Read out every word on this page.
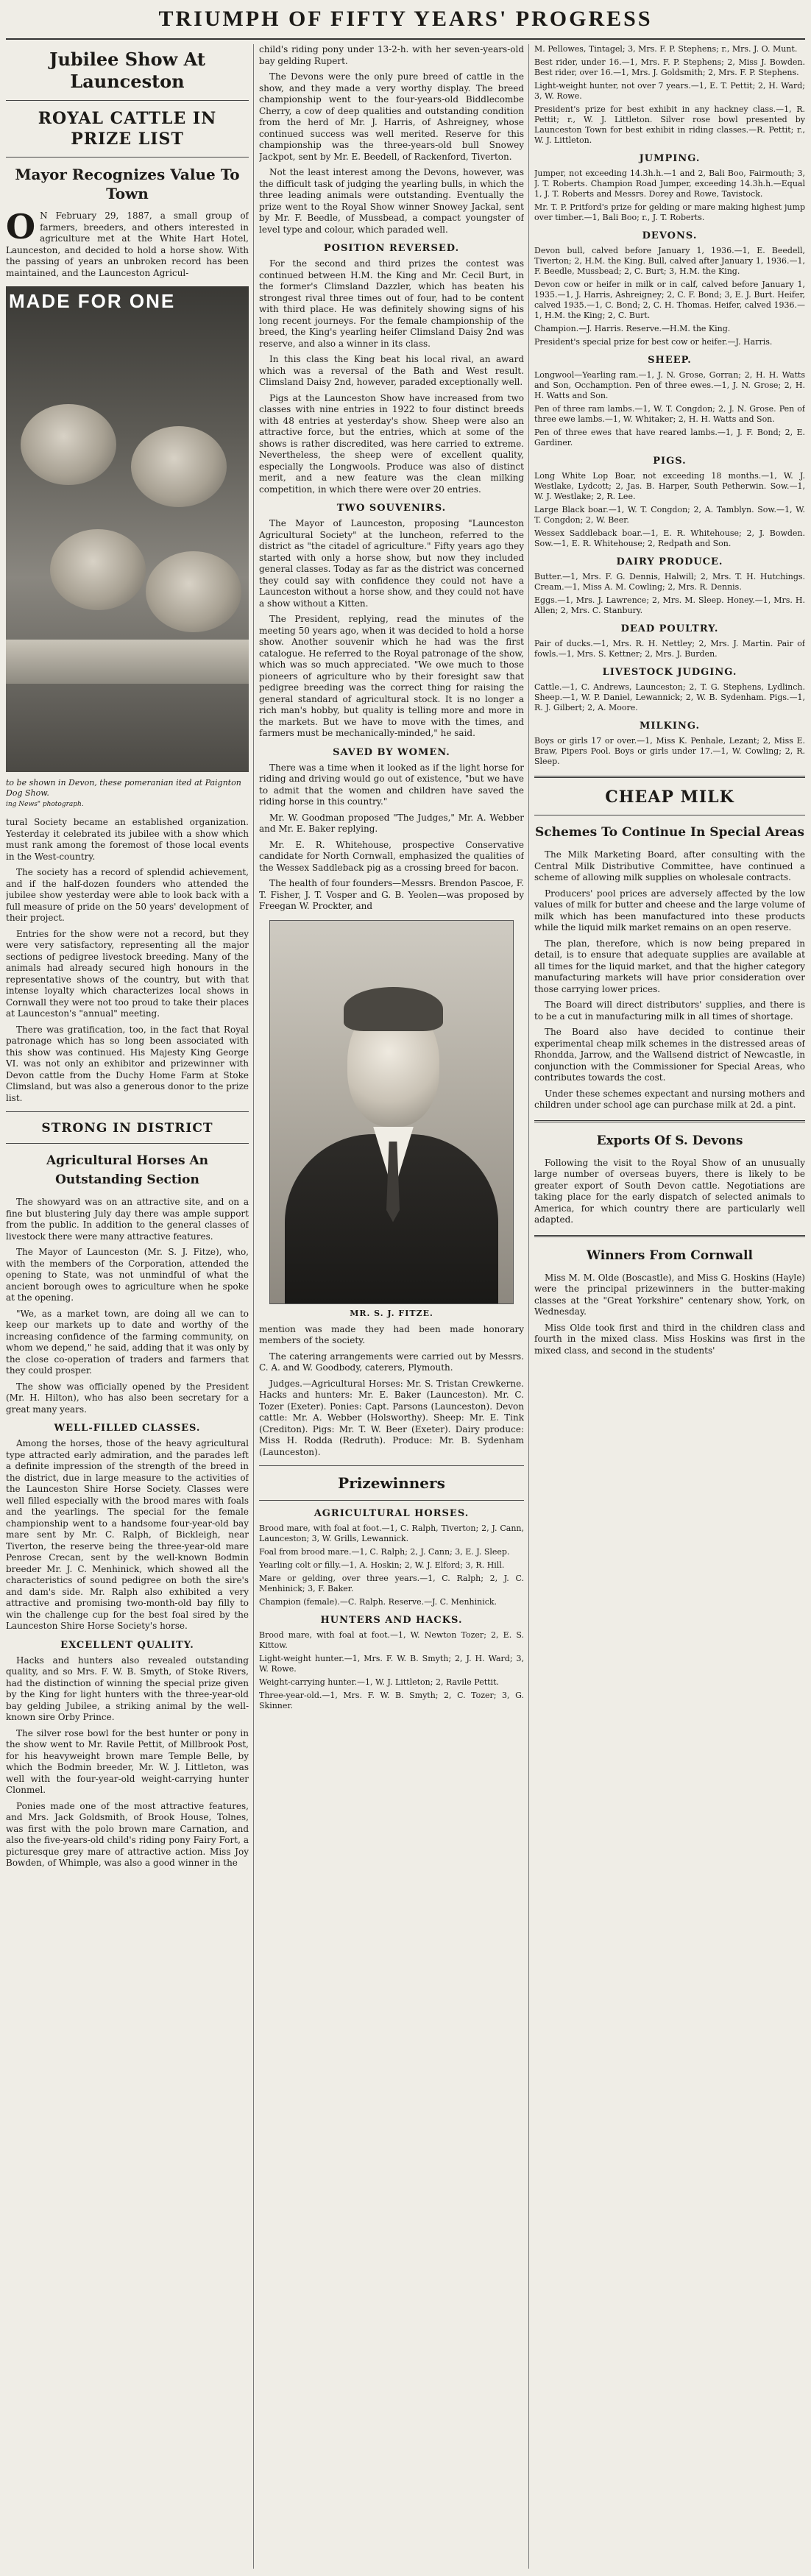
TRIUMPH OF FIFTY YEARS' PROGRESS
Jubilee Show At Launceston
ROYAL CATTLE IN PRIZE LIST
Mayor Recognizes Value To Town

O N February 29, 1887, a small group of farmers, breeders, and others interested in agriculture met at the White Hart Hotel, Launceston, and decided to hold a horse show. With the passing of years an unbroken record has been maintained, and the Launceston Agricul-

MADE FOR ONE
to be shown in Devon, these pomeranian ited at Paignton Dog Show.
ing News" photograph.

tural Society became an established organization. Yesterday it celebrated its jubilee with a show which must rank among the foremost of those local events in the West-country.

The society has a record of splendid achievement, and if the half-dozen founders who attended the jubilee show yesterday were able to look back with a full measure of pride on the 50 years' development of their project.

Entries for the show were not a record, but they were very satisfactory, representing all the major sections of pedigree livestock breeding. Many of the animals had already secured high honours in the representative shows of the country, but with that intense loyalty which characterizes local shows in Cornwall they were not too proud to take their places at Launceston's "annual" meeting.

There was gratification, too, in the fact that Royal patronage which has so long been associated with this show was continued. His Majesty King George VI. was not only an exhibitor and prizewinner with Devon cattle from the Duchy Home Farm at Stoke Climsland, but was also a generous donor to the prize list.

STRONG IN DISTRICT
Agricultural Horses An Outstanding Section

The showyard was on an attractive site, and on a fine but blustering July day there was ample support from the public. In addition to the general classes of livestock there were many attractive features.

The Mayor of Launceston (Mr. S. J. Fitze), who, with the members of the Corporation, attended the opening to State, was not unmindful of what the ancient borough owes to agriculture when he spoke at the opening.

"We, as a market town, are doing all we can to keep our markets up to date and worthy of the increasing confidence of the farming community, on whom we depend," he said, adding that it was only by the close co-operation of traders and farmers that they could prosper.

The show was officially opened by the President (Mr. H. Hilton), who has also been secretary for a great many years.

WELL-FILLED CLASSES.

Among the horses, those of the heavy agricultural type attracted early admiration, and the parades left a definite impression of the strength of the breed in the district, due in large measure to the activities of the Launceston Shire Horse Society. Classes were well filled especially with the brood mares with foals and the yearlings. The special for the female championship went to a handsome four-year-old bay mare sent by Mr. C. Ralph, of Bickleigh, near Tiverton, the reserve being the three-year-old mare Penrose Crecan, sent by the well-known Bodmin breeder Mr. J. C. Menhinick, which showed all the characteristics of sound pedigree on both the sire's and dam's side. Mr. Ralph also exhibited a very attractive and promising two-month-old bay filly to win the challenge cup for the best foal sired by the Launceston Shire Horse Society's horse.

EXCELLENT QUALITY.

Hacks and hunters also revealed outstanding quality, and so Mrs. F. W. B. Smyth, of Stoke Rivers, had the distinction of winning the special prize given by the King for light hunters with the three-year-old bay gelding Jubilee, a striking animal by the well-known sire Orby Prince.

The silver rose bowl for the best hunter or pony in the show went to Mr. Ravile Pettit, of Millbrook Post, for his heavyweight brown mare Temple Belle, by which the Bodmin breeder, Mr. W. J. Littleton, was well with the four-year-old weight-carrying hunter Clonmel.

Ponies made one of the most attractive features, and Mrs. Jack Goldsmith, of Brook House, Tolnes, was first with the polo brown mare Carnation, and also the five-years-old child's riding pony Fairy Fort, a picturesque grey mare of attractive action. Miss Joy Bowden, of Whimple, was also a good winner in the

child's riding pony under 13-2-h. with her seven-years-old bay gelding Rupert.

The Devons were the only pure breed of cattle in the show, and they made a very worthy display. The breed championship went to the four-years-old Biddlecombe Cherry, a cow of deep qualities and outstanding condition from the herd of Mr. J. Harris, of Ashreigney, whose continued success was well merited. Reserve for this championship was the three-years-old bull Snowey Jackpot, sent by Mr. E. Beedell, of Rackenford, Tiverton.

Not the least interest among the Devons, however, was the difficult task of judging the yearling bulls, in which the three leading animals were outstanding. Eventually the prize went to the Royal Show winner Snowey Jackal, sent by Mr. F. Beedle, of Mussbead, a compact youngster of level type and colour, which paraded well.

POSITION REVERSED.

For the second and third prizes the contest was continued between H.M. the King and Mr. Cecil Burt, in the former's Climsland Dazzler, which has beaten his strongest rival three times out of four, had to be content with third place. He was definitely showing signs of his long recent journeys. For the female championship of the breed, the King's yearling heifer Climsland Daisy 2nd was reserve, and also a winner in its class.

In this class the King beat his local rival, an award which was a reversal of the Bath and West result. Climsland Daisy 2nd, however, paraded exceptionally well.

Pigs at the Launceston Show have increased from two classes with nine entries in 1922 to four distinct breeds with 48 entries at yesterday's show. Sheep were also an attractive force, but the entries, which at some of the shows is rather discredited, was here carried to extreme. Nevertheless, the sheep were of excellent quality, especially the Longwools. Produce was also of distinct merit, and a new feature was the clean milking competition, in which there were over 20 entries.

TWO SOUVENIRS.

The Mayor of Launceston, proposing "Launceston Agricultural Society" at the luncheon, referred to the district as "the citadel of agriculture." Fifty years ago they started with only a horse show, but now they included general classes. Today as far as the district was concerned they could say with confidence they could not have a Launceston without a horse show, and they could not have a show without a Kitten.

The President, replying, read the minutes of the meeting 50 years ago, when it was decided to hold a horse show. Another souvenir which he had was the first catalogue. He referred to the Royal patronage of the show, which was so much appreciated. "We owe much to those pioneers of agriculture who by their foresight saw that pedigree breeding was the correct thing for raising the general standard of agricultural stock. It is no longer a rich man's hobby, but quality is telling more and more in the markets. But we have to move with the times, and farmers must be mechanically-minded," he said.

SAVED BY WOMEN.

There was a time when it looked as if the light horse for riding and driving would go out of existence, "but we have to admit that the women and children have saved the riding horse in this country."

Mr. W. Goodman proposed "The Judges," Mr. A. Webber and Mr. E. Baker replying.

Mr. E. R. Whitehouse, prospective Conservative candidate for North Cornwall, emphasized the qualities of the Wessex Saddleback pig as a crossing breed for bacon.

The health of four founders—Messrs. Brendon Pascoe, F. T. Fisher, J. T. Vosper and G. B. Yeolen—was proposed by Freegan W. Prockter, and

MR. S. J. FITZE.

mention was made they had been made honorary members of the society.

The catering arrangements were carried out by Messrs. C. A. and W. Goodbody, caterers, Plymouth.

Judges.—Agricultural Horses: Mr. S. Tristan Crewkerne. Hacks and hunters: Mr. E. Baker (Launceston). Mr. C. Tozer (Exeter). Ponies: Capt. Parsons (Launceston). Devon cattle: Mr. A. Webber (Holsworthy). Sheep: Mr. E. Tink (Crediton). Pigs: Mr. T. W. Beer (Exeter). Dairy produce: Miss H. Rodda (Redruth). Produce: Mr. B. Sydenham (Launceston).

Prizewinners
AGRICULTURAL HORSES.

Brood mare, with foal at foot.—1, C. Ralph, Tiverton; 2, J. Cann, Launceston; 3, W. Grills, Lewannick.

Foal from brood mare.—1, C. Ralph; 2, J. Cann; 3, E. J. Sleep.

Yearling colt or filly.—1, A. Hoskin; 2, W. J. Elford; 3, R. Hill.

Mare or gelding, over three years.—1, C. Ralph; 2, J. C. Menhinick; 3, F. Baker.

Champion (female).—C. Ralph. Reserve.—J. C. Menhinick.

HUNTERS AND HACKS.

Brood mare, with foal at foot.—1, W. Newton Tozer; 2, E. S. Kittow.

Light-weight hunter.—1, Mrs. F. W. B. Smyth; 2, J. H. Ward; 3, W. Rowe.

Weight-carrying hunter.—1, W. J. Littleton; 2, Ravile Pettit.

Three-year-old.—1, Mrs. F. W. B. Smyth; 2, C. Tozer; 3, G. Skinner.

M. Pellowes, Tintagel; 3, Mrs. F. P. Stephens; r., Mrs. J. O. Munt.

Best rider, under 16.—1, Mrs. F. P. Stephens; 2, Miss J. Bowden. Best rider, over 16.—1, Mrs. J. Goldsmith; 2, Mrs. F. P. Stephens.

Light-weight hunter, not over 7 years.—1, E. T. Pettit; 2, H. Ward; 3, W. Rowe.

President's prize for best exhibit in any hackney class.—1, R. Pettit; r., W. J. Littleton. Silver rose bowl presented by Launceston Town for best exhibit in riding classes.—R. Pettit; r., W. J. Littleton.

JUMPING.

Jumper, not exceeding 14.3h.h.—1 and 2, Bali Boo, Fairmouth; 3, J. T. Roberts. Champion Road Jumper, exceeding 14.3h.h.—Equal 1, J. T. Roberts and Messrs. Dorey and Rowe, Tavistock.

Mr. T. P. Pritford's prize for gelding or mare making highest jump over timber.—1, Bali Boo; r., J. T. Roberts.

DEVONS.

Devon bull, calved before January 1, 1936.—1, E. Beedell, Tiverton; 2, H.M. the King. Bull, calved after January 1, 1936.—1, F. Beedle, Mussbead; 2, C. Burt; 3, H.M. the King.

Devon cow or heifer in milk or in calf, calved before January 1, 1935.—1, J. Harris, Ashreigney; 2, C. F. Bond; 3, E. J. Burt. Heifer, calved 1935.—1, C. Bond; 2, C. H. Thomas. Heifer, calved 1936.—1, H.M. the King; 2, C. Burt.

Champion.—J. Harris. Reserve.—H.M. the King.

President's special prize for best cow or heifer.—J. Harris.

SHEEP.

Longwool—Yearling ram.—1, J. N. Grose, Gorran; 2, H. H. Watts and Son, Occhamption. Pen of three ewes.—1, J. N. Grose; 2, H. H. Watts and Son.

Pen of three ram lambs.—1, W. T. Congdon; 2, J. N. Grose. Pen of three ewe lambs.—1, W. Whitaker; 2, H. H. Watts and Son.

Pen of three ewes that have reared lambs.—1, J. F. Bond; 2, E. Gardiner.

PIGS.

Long White Lop Boar, not exceeding 18 months.—1, W. J. Westlake, Lydcott; 2, Jas. B. Harper, South Petherwin. Sow.—1, W. J. Westlake; 2, R. Lee.

Large Black boar.—1, W. T. Congdon; 2, A. Tamblyn. Sow.—1, W. T. Congdon; 2, W. Beer.

Wessex Saddleback boar.—1, E. R. Whitehouse; 2, J. Bowden. Sow.—1, E. R. Whitehouse; 2, Redpath and Son.

DAIRY PRODUCE.

Butter.—1, Mrs. F. G. Dennis, Halwill; 2, Mrs. T. H. Hutchings. Cream.—1, Miss A. M. Cowling; 2, Mrs. R. Dennis.

Eggs.—1, Mrs. J. Lawrence; 2, Mrs. M. Sleep. Honey.—1, Mrs. H. Allen; 2, Mrs. C. Stanbury.

DEAD POULTRY.

Pair of ducks.—1, Mrs. R. H. Nettley; 2, Mrs. J. Martin. Pair of fowls.—1, Mrs. S. Kettner; 2, Mrs. J. Burden.

LIVESTOCK JUDGING.

Cattle.—1, C. Andrews, Launceston; 2, T. G. Stephens, Lydlinch. Sheep.—1, W. P. Daniel, Lewannick; 2, W. B. Sydenham. Pigs.—1, R. J. Gilbert; 2, A. Moore.

MILKING.

Boys or girls 17 or over.—1, Miss K. Penhale, Lezant; 2, Miss E. Braw, Pipers Pool. Boys or girls under 17.—1, W. Cowling; 2, R. Sleep.

CHEAP MILK
Schemes To Continue In Special Areas

The Milk Marketing Board, after consulting with the Central Milk Distributive Committee, have continued a scheme of allowing milk supplies on wholesale contracts.

Producers' pool prices are adversely affected by the low values of milk for butter and cheese and the large volume of milk which has been manufactured into these products while the liquid milk market remains on an open reserve.

The plan, therefore, which is now being prepared in detail, is to ensure that adequate supplies are available at all times for the liquid market, and that the higher category manufacturing markets will have prior consideration over those carrying lower prices.

The Board will direct distributors' supplies, and there is to be a cut in manufacturing milk in all times of shortage.

The Board also have decided to continue their experimental cheap milk schemes in the distressed areas of Rhondda, Jarrow, and the Wallsend district of Newcastle, in conjunction with the Commissioner for Special Areas, who contributes towards the cost.

Under these schemes expectant and nursing mothers and children under school age can purchase milk at 2d. a pint.

Exports Of S. Devons

Following the visit to the Royal Show of an unusually large number of overseas buyers, there is likely to be greater export of South Devon cattle. Negotiations are taking place for the early dispatch of selected animals to America, for which country there are particularly well adapted.

Winners From Cornwall

Miss M. M. Olde (Boscastle), and Miss G. Hoskins (Hayle) were the principal prizewinners in the butter-making classes at the "Great Yorkshire" centenary show, York, on Wednesday.

Miss Olde took first and third in the children class and fourth in the mixed class. Miss Hoskins was first in the mixed class, and second in the students'
